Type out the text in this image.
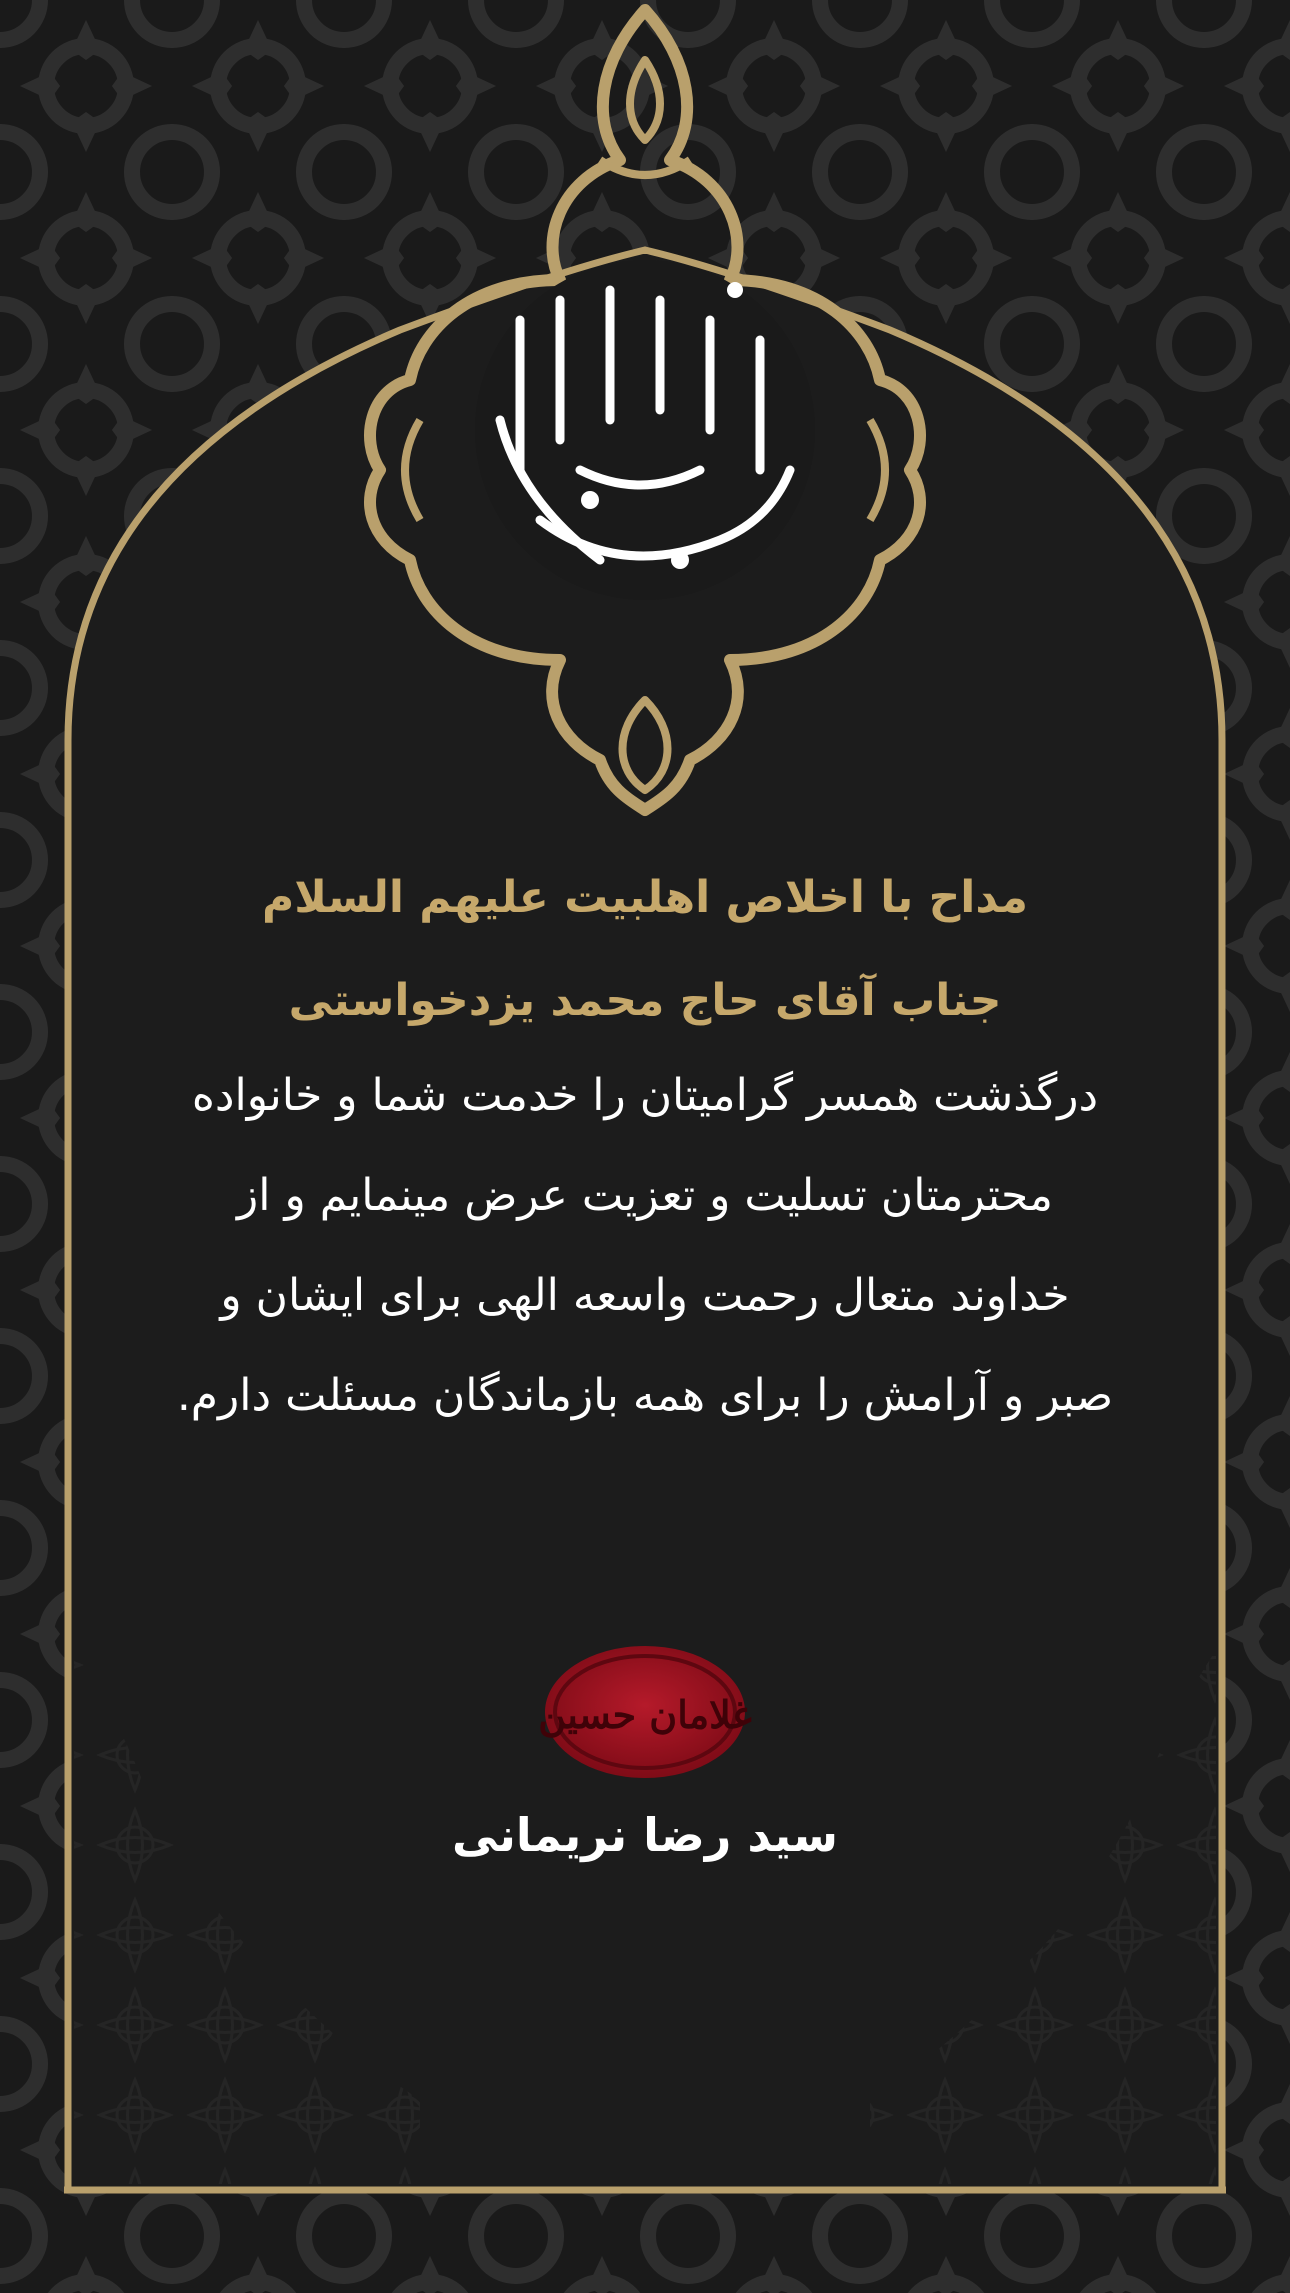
غلامان حسین
مداح با اخلاص اهلبیت علیهم السلام
جناب آقای حاج محمد یزدخواستی
درگذشت همسر گرامیتان را خدمت شما و خانواده
محترمتان تسلیت و تعزیت عرض مینمایم و از
خداوند متعال رحمت واسعه الهی برای ایشان و
صبر و آرامش را برای همه بازماندگان مسئلت دارم.
سید رضا نریمانی
